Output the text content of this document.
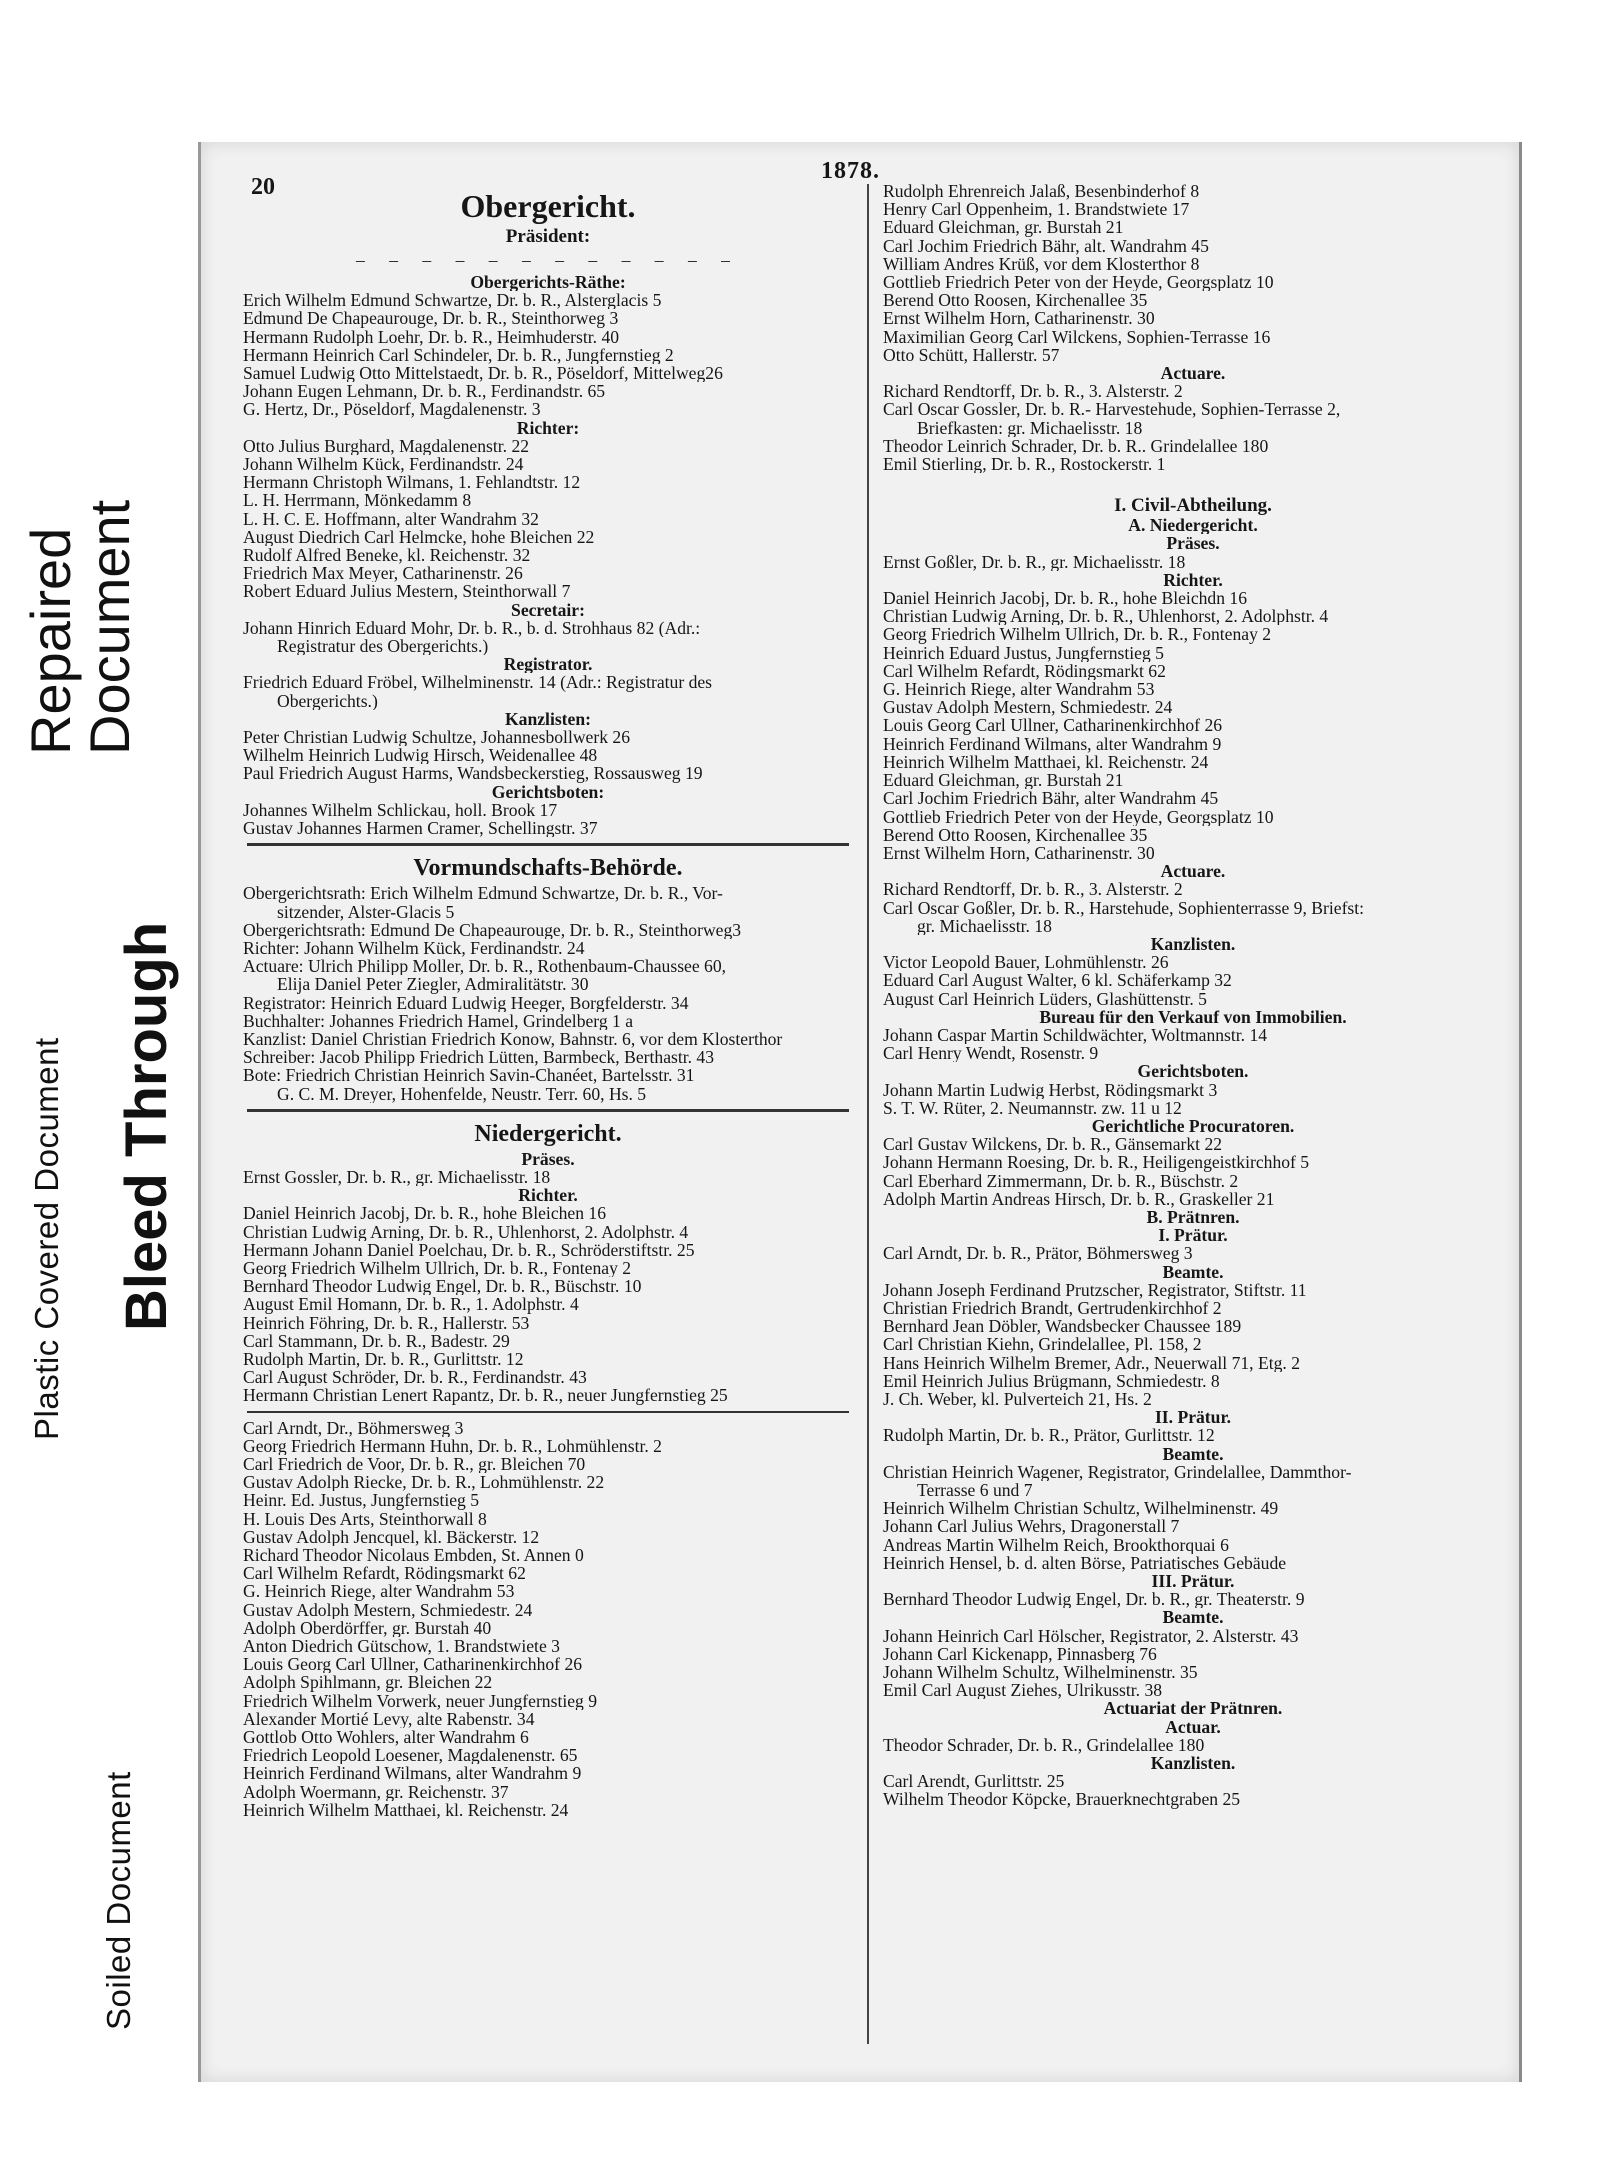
Soiled Document
Plastic Covered Document Bleed Through
Repaired
Document
20
1878.
Obergericht.
Präsident:
– – – – – – – – – – – –
Obergerichts-Räthe:
Erich Wilhelm Edmund Schwartze, Dr. b. R., Alsterglacis 5
Edmund De Chapeaurouge, Dr. b. R., Steinthorweg 3
Hermann Rudolph Loehr, Dr. b. R., Heimhuderstr. 40
Hermann Heinrich Carl Schindeler, Dr. b. R., Jungfernstieg 2
Samuel Ludwig Otto Mittelstaedt, Dr. b. R., Pöseldorf, Mittelweg26
Johann Eugen Lehmann, Dr. b. R., Ferdinandstr. 65
G. Hertz, Dr., Pöseldorf, Magdalenenstr. 3
Richter:
Otto Julius Burghard, Magdalenenstr. 22
Johann Wilhelm Kück, Ferdinandstr. 24
Hermann Christoph Wilmans, 1. Fehlandtstr. 12
L. H. Herrmann, Mönkedamm 8
L. H. C. E. Hoffmann, alter Wandrahm 32
August Diedrich Carl Helmcke, hohe Bleichen 22
Rudolf Alfred Beneke, kl. Reichenstr. 32
Friedrich Max Meyer, Catharinenstr. 26
Robert Eduard Julius Mestern, Steinthorwall 7
Secretair:
Johann Hinrich Eduard Mohr, Dr. b. R., b. d. Strohhaus 82 (Adr.:
Registratur des Obergerichts.)
Registrator.
Friedrich Eduard Fröbel, Wilhelminenstr. 14 (Adr.: Registratur des
Obergerichts.)
Kanzlisten:
Peter Christian Ludwig Schultze, Johannesbollwerk 26
Wilhelm Heinrich Ludwig Hirsch, Weidenallee 48
Paul Friedrich August Harms, Wandsbeckerstieg, Rossausweg 19
Gerichtsboten:
Johannes Wilhelm Schlickau, holl. Brook 17
Gustav Johannes Harmen Cramer, Schellingstr. 37
Vormundschafts-Behörde.
Obergerichtsrath: Erich Wilhelm Edmund Schwartze, Dr. b. R., Vor-
sitzender, Alster-Glacis 5
Obergerichtsrath: Edmund De Chapeaurouge, Dr. b. R., Steinthorweg3
Richter: Johann Wilhelm Kück, Ferdinandstr. 24
Actuare: Ulrich Philipp Moller, Dr. b. R., Rothenbaum-Chaussee 60,
Elija Daniel Peter Ziegler, Admiralitätstr. 30
Registrator: Heinrich Eduard Ludwig Heeger, Borgfelderstr. 34
Buchhalter: Johannes Friedrich Hamel, Grindelberg 1 a
Kanzlist: Daniel Christian Friedrich Konow, Bahnstr. 6, vor dem Klosterthor
Schreiber: Jacob Philipp Friedrich Lütten, Barmbeck, Berthastr. 43
Bote: Friedrich Christian Heinrich Savin-Chanéet, Bartelsstr. 31
G. C. M. Dreyer, Hohenfelde, Neustr. Terr. 60, Hs. 5
Niedergericht.
Präses.
Ernst Gossler, Dr. b. R., gr. Michaelisstr. 18
Richter.
Daniel Heinrich Jacobj, Dr. b. R., hohe Bleichen 16
Christian Ludwig Arning, Dr. b. R., Uhlenhorst, 2. Adolphstr. 4
Hermann Johann Daniel Poelchau, Dr. b. R., Schröderstiftstr. 25
Georg Friedrich Wilhelm Ullrich, Dr. b. R., Fontenay 2
Bernhard Theodor Ludwig Engel, Dr. b. R., Büschstr. 10
August Emil Homann, Dr. b. R., 1. Adolphstr. 4
Heinrich Föhring, Dr. b. R., Hallerstr. 53
Carl Stammann, Dr. b. R., Badestr. 29
Rudolph Martin, Dr. b. R., Gurlittstr. 12
Carl August Schröder, Dr. b. R., Ferdinandstr. 43
Hermann Christian Lenert Rapantz, Dr. b. R., neuer Jungfernstieg 25
Carl Arndt, Dr., Böhmersweg 3
Georg Friedrich Hermann Huhn, Dr. b. R., Lohmühlenstr. 2
Carl Friedrich de Voor, Dr. b. R., gr. Bleichen 70
Gustav Adolph Riecke, Dr. b. R., Lohmühlenstr. 22
Heinr. Ed. Justus, Jungfernstieg 5
H. Louis Des Arts, Steinthorwall 8
Gustav Adolph Jencquel, kl. Bäckerstr. 12
Richard Theodor Nicolaus Embden, St. Annen 0
Carl Wilhelm Refardt, Rödingsmarkt 62
G. Heinrich Riege, alter Wandrahm 53
Gustav Adolph Mestern, Schmiedestr. 24
Adolph Oberdörffer, gr. Burstah 40
Anton Diedrich Gütschow, 1. Brandstwiete 3
Louis Georg Carl Ullner, Catharinenkirchhof 26
Adolph Spihlmann, gr. Bleichen 22
Friedrich Wilhelm Vorwerk, neuer Jungfernstieg 9
Alexander Mortié Levy, alte Rabenstr. 34
Gottlob Otto Wohlers, alter Wandrahm 6
Friedrich Leopold Loesener, Magdalenenstr. 65
Heinrich Ferdinand Wilmans, alter Wandrahm 9
Adolph Woermann, gr. Reichenstr. 37
Heinrich Wilhelm Matthaei, kl. Reichenstr. 24
Rudolph Ehrenreich Jalaß, Besenbinderhof 8
Henry Carl Oppenheim, 1. Brandstwiete 17
Eduard Gleichman, gr. Burstah 21
Carl Jochim Friedrich Bähr, alt. Wandrahm 45
William Andres Krüß, vor dem Klosterthor 8
Gottlieb Friedrich Peter von der Heyde, Georgsplatz 10
Berend Otto Roosen, Kirchenallee 35
Ernst Wilhelm Horn, Catharinenstr. 30
Maximilian Georg Carl Wilckens, Sophien-Terrasse 16
Otto Schütt, Hallerstr. 57
Actuare.
Richard Rendtorff, Dr. b. R., 3. Alsterstr. 2
Carl Oscar Gossler, Dr. b. R.- Harvestehude, Sophien-Terrasse 2,
Briefkasten: gr. Michaelisstr. 18
Theodor Leinrich Schrader, Dr. b. R.. Grindelallee 180
Emil Stierling, Dr. b. R., Rostockerstr. 1
I. Civil-Abtheilung.
A. Niedergericht.
Präses.
Ernst Goßler, Dr. b. R., gr. Michaelisstr. 18
Richter.
Daniel Heinrich Jacobj, Dr. b. R., hohe Bleichdn 16
Christian Ludwig Arning, Dr. b. R., Uhlenhorst, 2. Adolphstr. 4
Georg Friedrich Wilhelm Ullrich, Dr. b. R., Fontenay 2
Heinrich Eduard Justus, Jungfernstieg 5
Carl Wilhelm Refardt, Rödingsmarkt 62
G. Heinrich Riege, alter Wandrahm 53
Gustav Adolph Mestern, Schmiedestr. 24
Louis Georg Carl Ullner, Catharinenkirchhof 26
Heinrich Ferdinand Wilmans, alter Wandrahm 9
Heinrich Wilhelm Matthaei, kl. Reichenstr. 24
Eduard Gleichman, gr. Burstah 21
Carl Jochim Friedrich Bähr, alter Wandrahm 45
Gottlieb Friedrich Peter von der Heyde, Georgsplatz 10
Berend Otto Roosen, Kirchenallee 35
Ernst Wilhelm Horn, Catharinenstr. 30
Actuare.
Richard Rendtorff, Dr. b. R., 3. Alsterstr. 2
Carl Oscar Goßler, Dr. b. R., Harstehude, Sophienterrasse 9, Briefst:
gr. Michaelisstr. 18
Kanzlisten.
Victor Leopold Bauer, Lohmühlenstr. 26
Eduard Carl August Walter, 6 kl. Schäferkamp 32
August Carl Heinrich Lüders, Glashüttenstr. 5
Bureau für den Verkauf von Immobilien.
Johann Caspar Martin Schildwächter, Woltmannstr. 14
Carl Henry Wendt, Rosenstr. 9
Gerichtsboten.
Johann Martin Ludwig Herbst, Rödingsmarkt 3
S. T. W. Rüter, 2. Neumannstr. zw. 11 u 12
Gerichtliche Procuratoren.
Carl Gustav Wilckens, Dr. b. R., Gänsemarkt 22
Johann Hermann Roesing, Dr. b. R., Heiligengeistkirchhof 5
Carl Eberhard Zimmermann, Dr. b. R., Büschstr. 2
Adolph Martin Andreas Hirsch, Dr. b. R., Graskeller 21
B. Prätnren.
I. Prätur.
Carl Arndt, Dr. b. R., Prätor, Böhmersweg 3
Beamte.
Johann Joseph Ferdinand Prutzscher, Registrator, Stiftstr. 11
Christian Friedrich Brandt, Gertrudenkirchhof 2
Bernhard Jean Döbler, Wandsbecker Chaussee 189
Carl Christian Kiehn, Grindelallee, Pl. 158, 2
Hans Heinrich Wilhelm Bremer, Adr., Neuerwall 71, Etg. 2
Emil Heinrich Julius Brügmann, Schmiedestr. 8
J. Ch. Weber, kl. Pulverteich 21, Hs. 2
II. Prätur.
Rudolph Martin, Dr. b. R., Prätor, Gurlittstr. 12
Beamte.
Christian Heinrich Wagener, Registrator, Grindelallee, Dammthor-
Terrasse 6 und 7
Heinrich Wilhelm Christian Schultz, Wilhelminenstr. 49
Johann Carl Julius Wehrs, Dragonerstall 7
Andreas Martin Wilhelm Reich, Brookthorquai 6
Heinrich Hensel, b. d. alten Börse, Patriatisches Gebäude
III. Prätur.
Bernhard Theodor Ludwig Engel, Dr. b. R., gr. Theaterstr. 9
Beamte.
Johann Heinrich Carl Hölscher, Registrator, 2. Alsterstr. 43
Johann Carl Kickenapp, Pinnasberg 76
Johann Wilhelm Schultz, Wilhelminenstr. 35
Emil Carl August Ziehes, Ulrikusstr. 38
Actuariat der Prätnren.
Actuar.
Theodor Schrader, Dr. b. R., Grindelallee 180
Kanzlisten.
Carl Arendt, Gurlittstr. 25
Wilhelm Theodor Köpcke, Brauerknechtgraben 25
